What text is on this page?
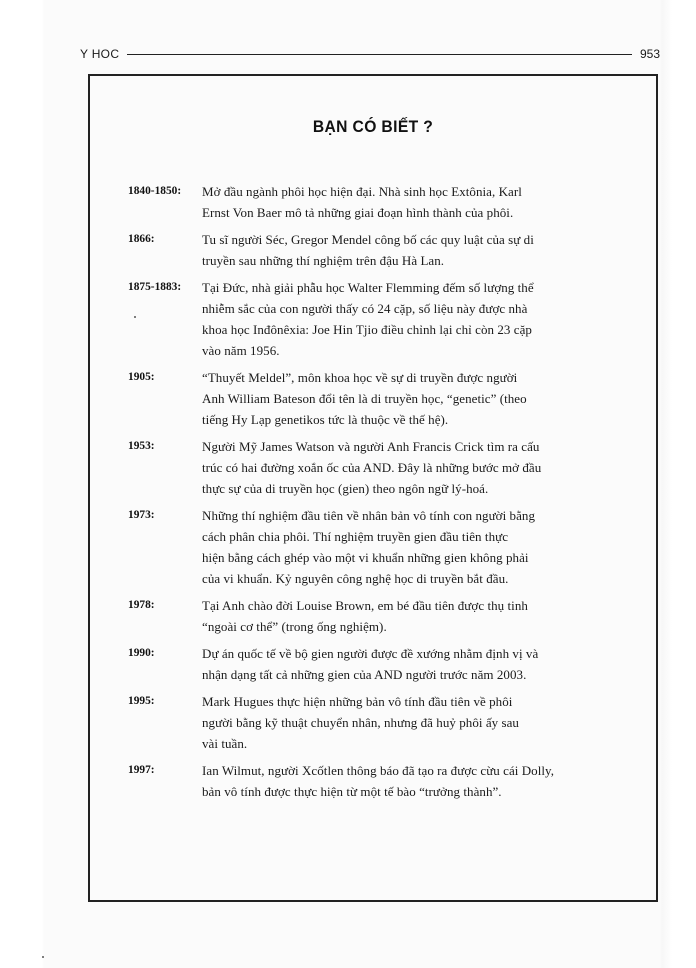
Y HOC	953
BẠN CÓ BIẾT ?
1840-1850:	Mở đầu ngành phôi học hiện đại. Nhà sinh học Extônia, Karl
Ernst Von Baer mô tả những giai đoạn hình thành của phôi.
1866:	Tu sĩ người Séc, Gregor Mendel công bố các quy luật của sự di
truyền sau những thí nghiệm trên đậu Hà Lan.
1875-1883:	Tại Đức, nhà giải phẫu học Walter Flemming đếm số lượng thể
nhiễm sắc của con người thấy có 24 cặp, số liệu này được nhà
khoa học Inđônêxia: Joe Hin Tjio điều chỉnh lại chỉ còn 23 cặp
vào năm 1956.
1905:	“Thuyết Meldel”, môn khoa học về sự di truyền được người
Anh William Bateson đổi tên là di truyền học, “genetic” (theo
tiếng Hy Lạp genetikos tức là thuộc về thế hệ).
1953:	Người Mỹ James Watson và người Anh Francis Crick tìm ra cấu
trúc có hai đường xoắn ốc của AND. Đây là những bước mở đầu
thực sự của di truyền học (gien) theo ngôn ngữ lý-hoá.
1973:	Những thí nghiệm đầu tiên về nhân bản vô tính con người bằng
cách phân chia phôi. Thí nghiệm truyền gien đầu tiên thực
hiện bằng cách ghép vào một vi khuẩn những gien không phải
của vi khuẩn. Kỷ nguyên công nghệ học di truyền bắt đầu.
1978:	Tại Anh chào đời Louise Brown, em bé đầu tiên được thụ tinh
“ngoài cơ thể” (trong ống nghiệm).
1990:	Dự án quốc tế về bộ gien người được đề xướng nhằm định vị và
nhận dạng tất cả những gien của AND người trước năm 2003.
1995:	Mark Hugues thực hiện những bản vô tính đầu tiên về phôi
người bằng kỹ thuật chuyển nhân, nhưng đã huỷ phôi ấy sau
vài tuần.
1997:	Ian Wilmut, người Xcốtlen thông báo đã tạo ra được cừu cái Dolly,
bản vô tính được thực hiện từ một tế bào “trưởng thành”.
